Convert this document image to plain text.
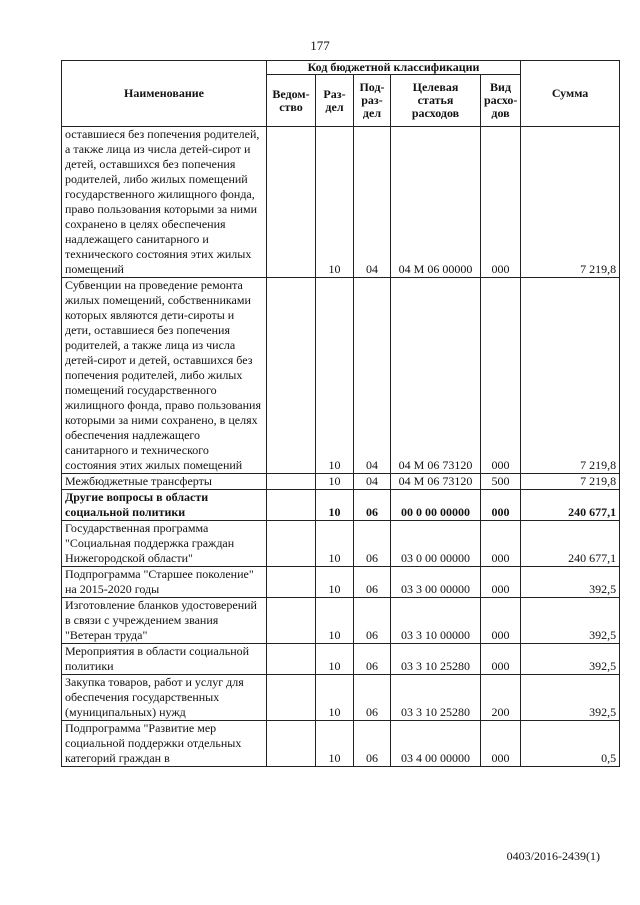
177
Наименование	Код бюджетной классификации					Сумма
	Ведом-ство	Раз-дел	Под-раз-дел	Целевая статья расходов	Вид расхо-дов	
оставшиеся без попечения родителей, а также лица из числа детей-сирот и детей, оставшихся без попечения родителей, либо жилых помещений государственного жилищного фонда, право пользования которыми за ними сохранено в целях обеспечения надлежащего санитарного и технического состояния этих жилых помещений		10	04	04 М 06 00000	000	7 219,8
Субвенции на проведение ремонта жилых помещений, собственниками которых являются дети-сироты и дети, оставшиеся без попечения родителей, а также лица из числа детей-сирот и детей, оставшихся без попечения родителей, либо жилых помещений государственного жилищного фонда, право пользования которыми за ними сохранено, в целях обеспечения надлежащего санитарного и технического состояния этих жилых помещений		10	04	04 М 06 73120	000	7 219,8
Межбюджетные трансферты		10	04	04 М 06 73120	500	7 219,8
Другие вопросы в области социальной политики		10	06	00 0 00 00000	000	240 677,1
Государственная программа "Социальная поддержка граждан Нижегородской области"		10	06	03 0 00 00000	000	240 677,1
Подпрограмма "Старшее поколение" на 2015-2020 годы		10	06	03 3 00 00000	000	392,5
Изготовление бланков удостоверений в связи с учреждением звания "Ветеран труда"		10	06	03 3 10 00000	000	392,5
Мероприятия в области социальной политики		10	06	03 3 10 25280	000	392,5
Закупка товаров, работ и услуг для обеспечения государственных (муниципальных) нужд		10	06	03 3 10 25280	200	392,5
Подпрограмма "Развитие мер социальной поддержки отдельных категорий граждан в		10	06	03 4 00 00000	000	0,5
0403/2016-2439(1)
